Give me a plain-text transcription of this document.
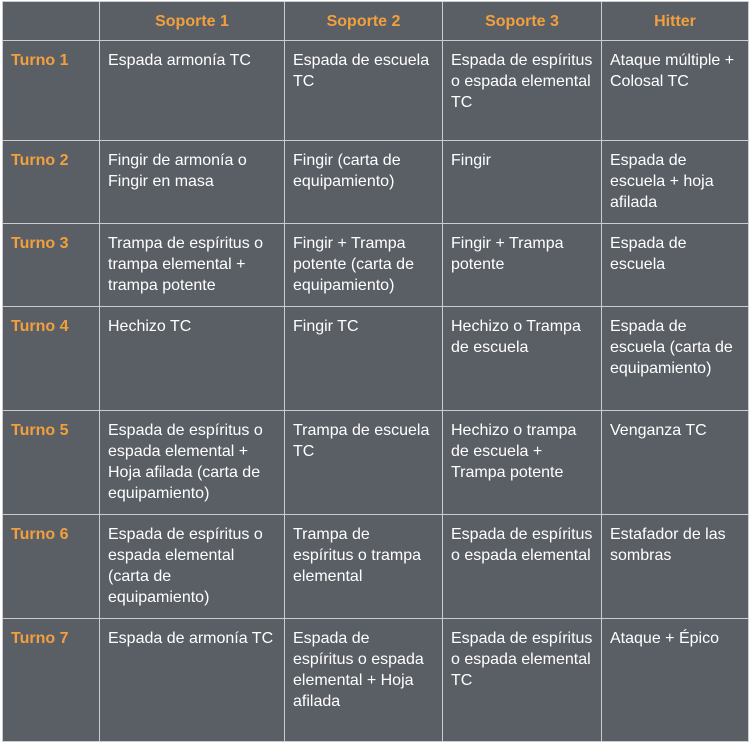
	Soporte 1	Soporte 2	Soporte 3	Hitter
Turno 1	Espada armonía TC	Espada de escuela TC	Espada de espíritus o espada elemental TC	Ataque múltiple + Colosal TC
Turno 2	Fingir de armonía o Fingir en masa	Fingir (carta de equipamiento)	Fingir	Espada de escuela + hoja afilada
Turno 3	Trampa de espíritus o trampa elemental + trampa potente	Fingir + Trampa potente (carta de equipamiento)	Fingir + Trampa potente	Espada de escuela
Turno 4	Hechizo TC	Fingir TC	Hechizo o Trampa de escuela	Espada de escuela (carta de equipamiento)
Turno 5	Espada de espíritus o espada elemental + Hoja afilada (carta de equipamiento)	Trampa de escuela TC	Hechizo o trampa de escuela + Trampa potente	Venganza TC
Turno 6	Espada de espíritus o espada elemental (carta de equipamiento)	Trampa de espíritus o trampa elemental	Espada de espíritus o espada elemental	Estafador de las sombras
Turno 7	Espada de armonía TC	Espada de espíritus o espada elemental + Hoja afilada	Espada de espíritus o espada elemental TC	Ataque + Épico
